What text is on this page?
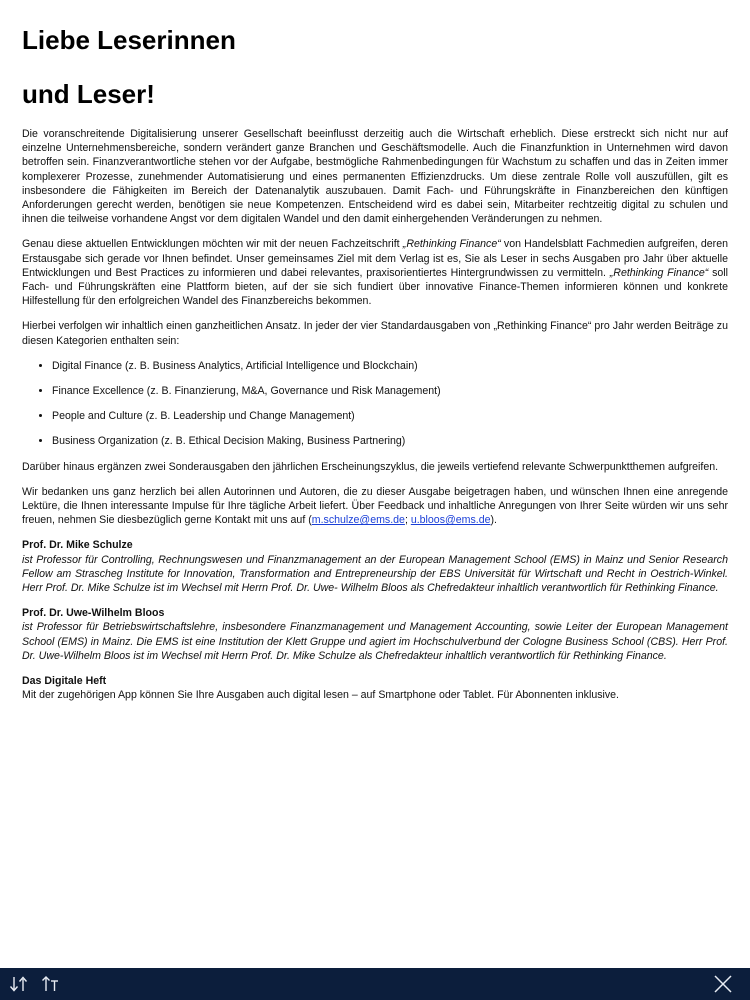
Liebe Leserinnen
und Leser!

Die voranschreitende Digitalisierung unserer Gesellschaft beeinflusst derzeitig auch die Wirtschaft erheblich. Diese erstreckt sich nicht nur auf einzelne Unternehmensbereiche, sondern verändert ganze Branchen und Geschäftsmodelle. Auch die Finanzfunktion in Unternehmen wird davon betroffen sein. Finanzverantwortliche stehen vor der Aufgabe, bestmögliche Rahmenbedingungen für Wachstum zu schaffen und das in Zeiten immer komplexerer Prozesse, zunehmender Automatisierung und eines permanenten Effizienzdrucks. Um diese zentrale Rolle voll auszufüllen, gilt es insbesondere die Fähigkeiten im Bereich der Datenanalytik auszubauen. Damit Fach- und Führungskräfte in Finanzbereichen den künftigen Anforderungen gerecht werden, benötigen sie neue Kompetenzen. Entscheidend wird es dabei sein, Mitarbeiter rechtzeitig digital zu schulen und ihnen die teilweise vorhandene Angst vor dem digitalen Wandel und den damit einhergehenden Veränderungen zu nehmen.

Genau diese aktuellen Entwicklungen möchten wir mit der neuen Fachzeitschrift „Rethinking Finance“ von Handelsblatt Fachmedien aufgreifen, deren Erstausgabe sich gerade vor Ihnen befindet. Unser gemeinsames Ziel mit dem Verlag ist es, Sie als Leser in sechs Ausgaben pro Jahr über aktuelle Entwicklungen und Best Practices zu informieren und dabei relevantes, praxisorientiertes Hintergrundwissen zu vermitteln. „Rethinking Finance“ soll Fach- und Führungskräften eine Plattform bieten, auf der sie sich fundiert über innovative Finance-Themen informieren können und konkrete Hilfestellung für den erfolgreichen Wandel des Finanzbereichs bekommen.

Hierbei verfolgen wir inhaltlich einen ganzheitlichen Ansatz. In jeder der vier Standardausgaben von „Rethinking Finance“ pro Jahr werden Beiträge zu diesen Kategorien enthalten sein:

• Digital Finance (z. B. Business Analytics, Artificial Intelligence und Blockchain)
• Finance Excellence (z. B. Finanzierung, M&A, Governance und Risk Management)
• People and Culture (z. B. Leadership und Change Management)
• Business Organization (z. B. Ethical Decision Making, Business Partnering)

Darüber hinaus ergänzen zwei Sonderausgaben den jährlichen Erscheinungszyklus, die jeweils vertiefend relevante Schwerpunktthemen aufgreifen.

Wir bedanken uns ganz herzlich bei allen Autorinnen und Autoren, die zu dieser Ausgabe beigetragen haben, und wünschen Ihnen eine anregende Lektüre, die Ihnen interessante Impulse für Ihre tägliche Arbeit liefert. Über Feedback und inhaltliche Anregungen von Ihrer Seite würden wir uns sehr freuen, nehmen Sie diesbezüglich gerne Kontakt mit uns auf (m.schulze@ems.de; u.bloos@ems.de).

Prof. Dr. Mike Schulze
ist Professor für Controlling, Rechnungswesen und Finanzmanagement an der European Management School (EMS) in Mainz und Senior Research Fellow am Strascheg Institute for Innovation, Transformation and Entrepreneurship der EBS Universität für Wirtschaft und Recht in Oestrich-Winkel. Herr Prof. Dr. Mike Schulze ist im Wechsel mit Herrn Prof. Dr. Uwe- Wilhelm Bloos als Chefredakteur inhaltlich verantwortlich für Rethinking Finance.
Prof. Dr. Uwe-Wilhelm Bloos
ist Professor für Betriebswirtschaftslehre, insbesondere Finanzmanagement und Management Accounting, sowie Leiter der European Management School (EMS) in Mainz. Die EMS ist eine Institution der Klett Gruppe und agiert im Hochschulverbund der Cologne Business School (CBS). Herr Prof. Dr. Uwe-Wilhelm Bloos ist im Wechsel mit Herrn Prof. Dr. Mike Schulze als Chefredakteur inhaltlich verantwortlich für Rethinking Finance.
Das Digitale Heft
Mit der zugehörigen App können Sie Ihre Ausgaben auch digital lesen – auf Smartphone oder Tablet. Für Abonnenten inklusive.
